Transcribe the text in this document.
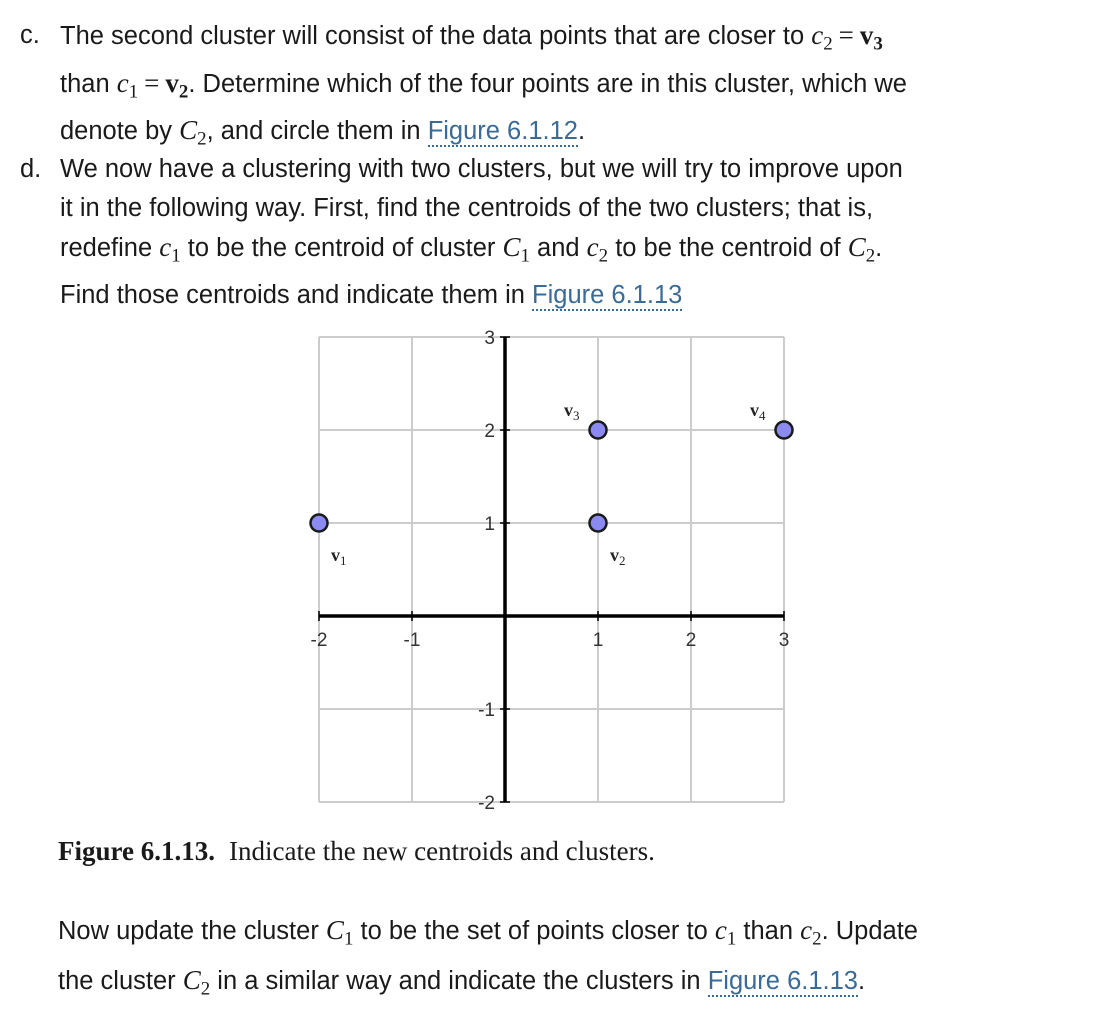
c. The second cluster will consist of the data points that are closer to $c_2 = v_3$
than $c_1 = v_2$. Determine which of the four points are in this cluster, which we
denote by $C_2$, and circle them in Figure 6.1.12.
d. We now have a clustering with two clusters, but we will try to improve upon
it in the following way. First, find the centroids of the two clusters; that is,
redefine $c_1$ to be the centroid of cluster $C_1$ and $c_2$ to be the centroid of $C_2$.
Find those centroids and indicate them in Figure 6.1.13
-2	-1	1	2	3
3
2
1
-1
-2
$v_1$	$v_2$
$v_3$	$v_4$
Figure 6.1.13. Indicate the new centroids and clusters.
Now update the cluster $C_1$ to be the set of points closer to $c_1$ than $c_2$. Update
the cluster $C_2$ in a similar way and indicate the clusters in Figure 6.1.13.
